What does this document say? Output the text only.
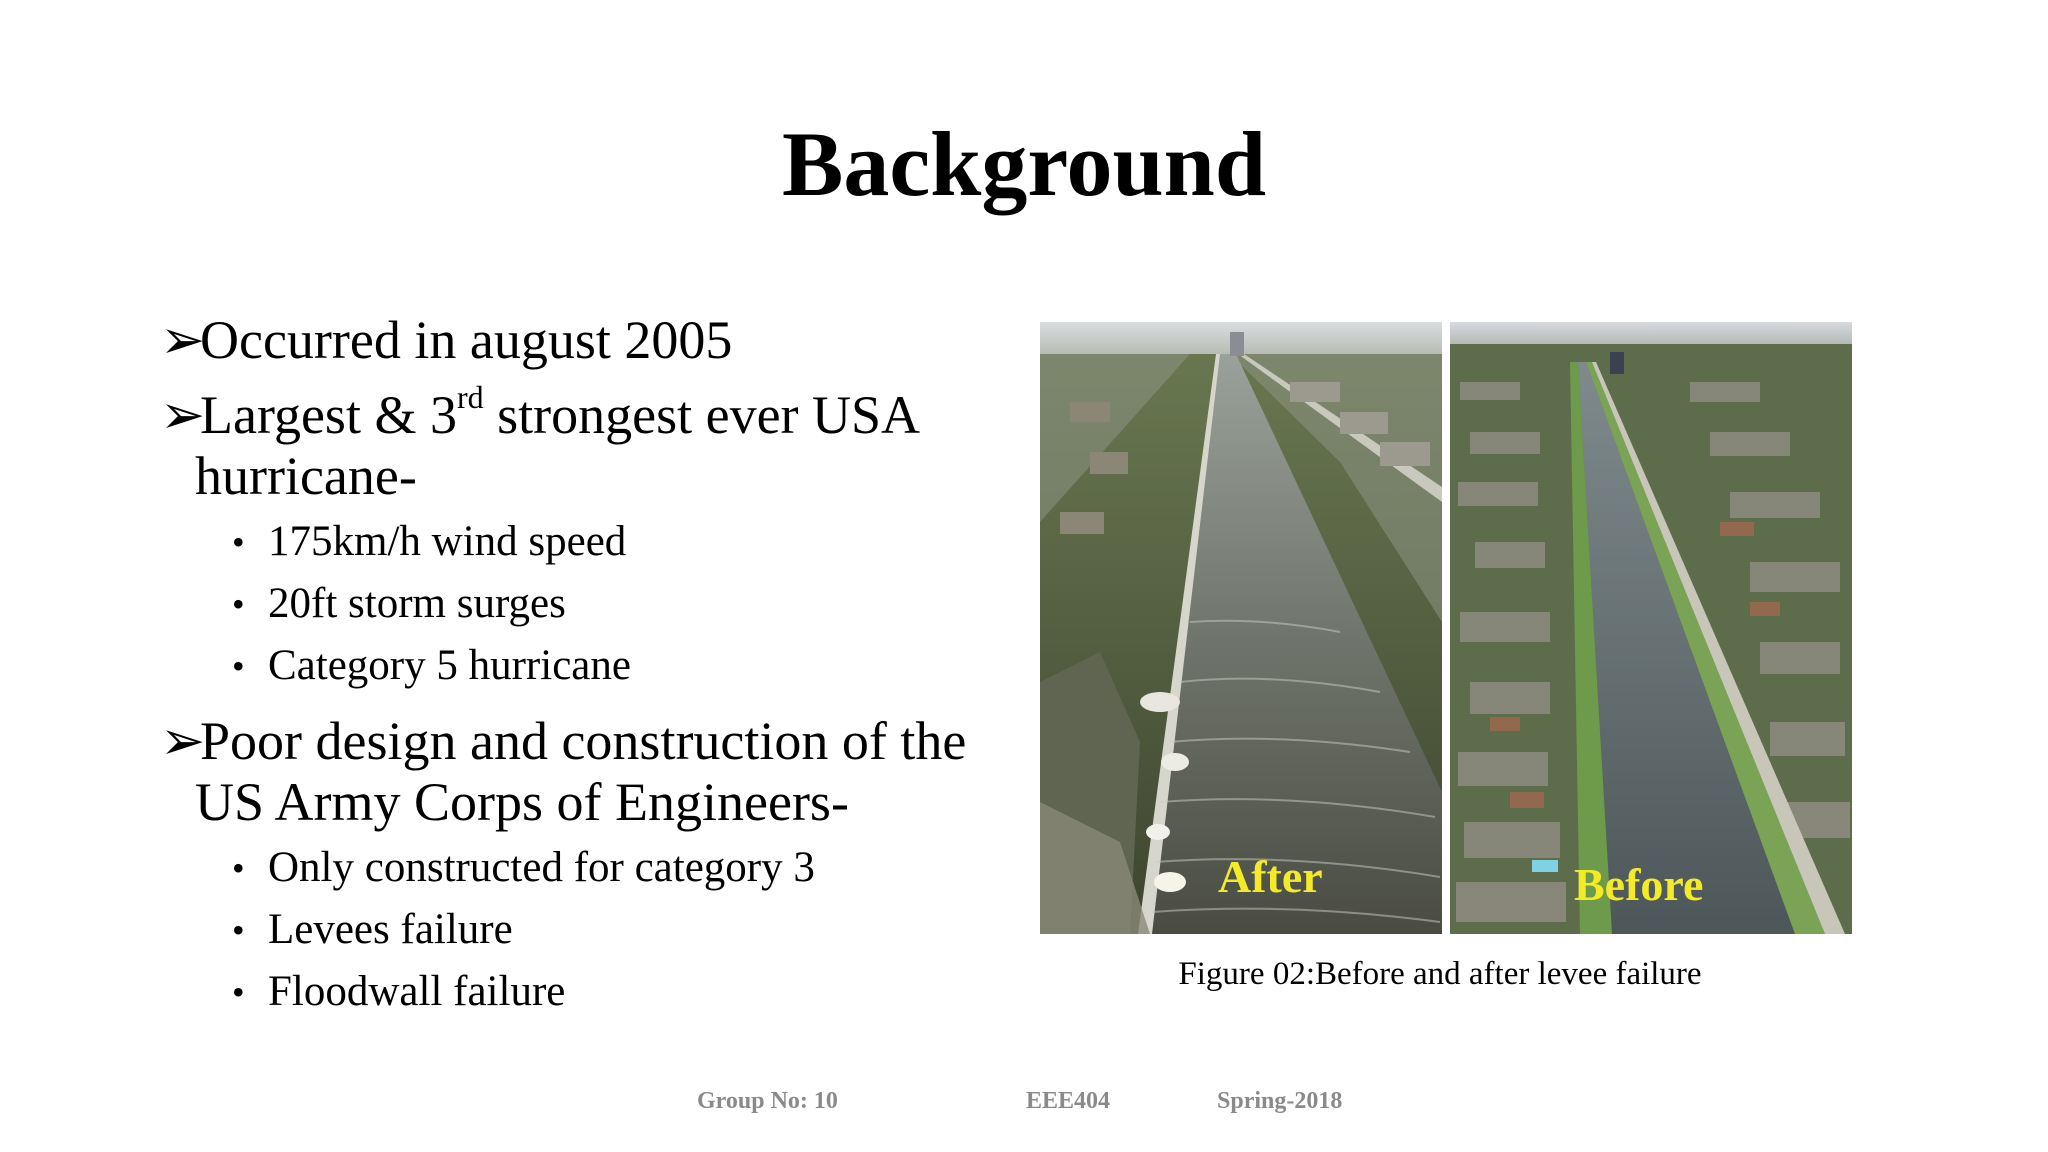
Background
➢Occurred in august 2005
➢Largest & 3rd strongest ever USA
hurricane-
• 175km/h wind speed
• 20ft storm surges
• Category 5 hurricane
➢Poor design and construction of the
US Army Corps of Engineers-
• Only constructed for category 3
• Levees failure
• Floodwall failure
After	Before
Figure 02:Before and after levee failure
Group No: 10	EEE404	Spring-2018
